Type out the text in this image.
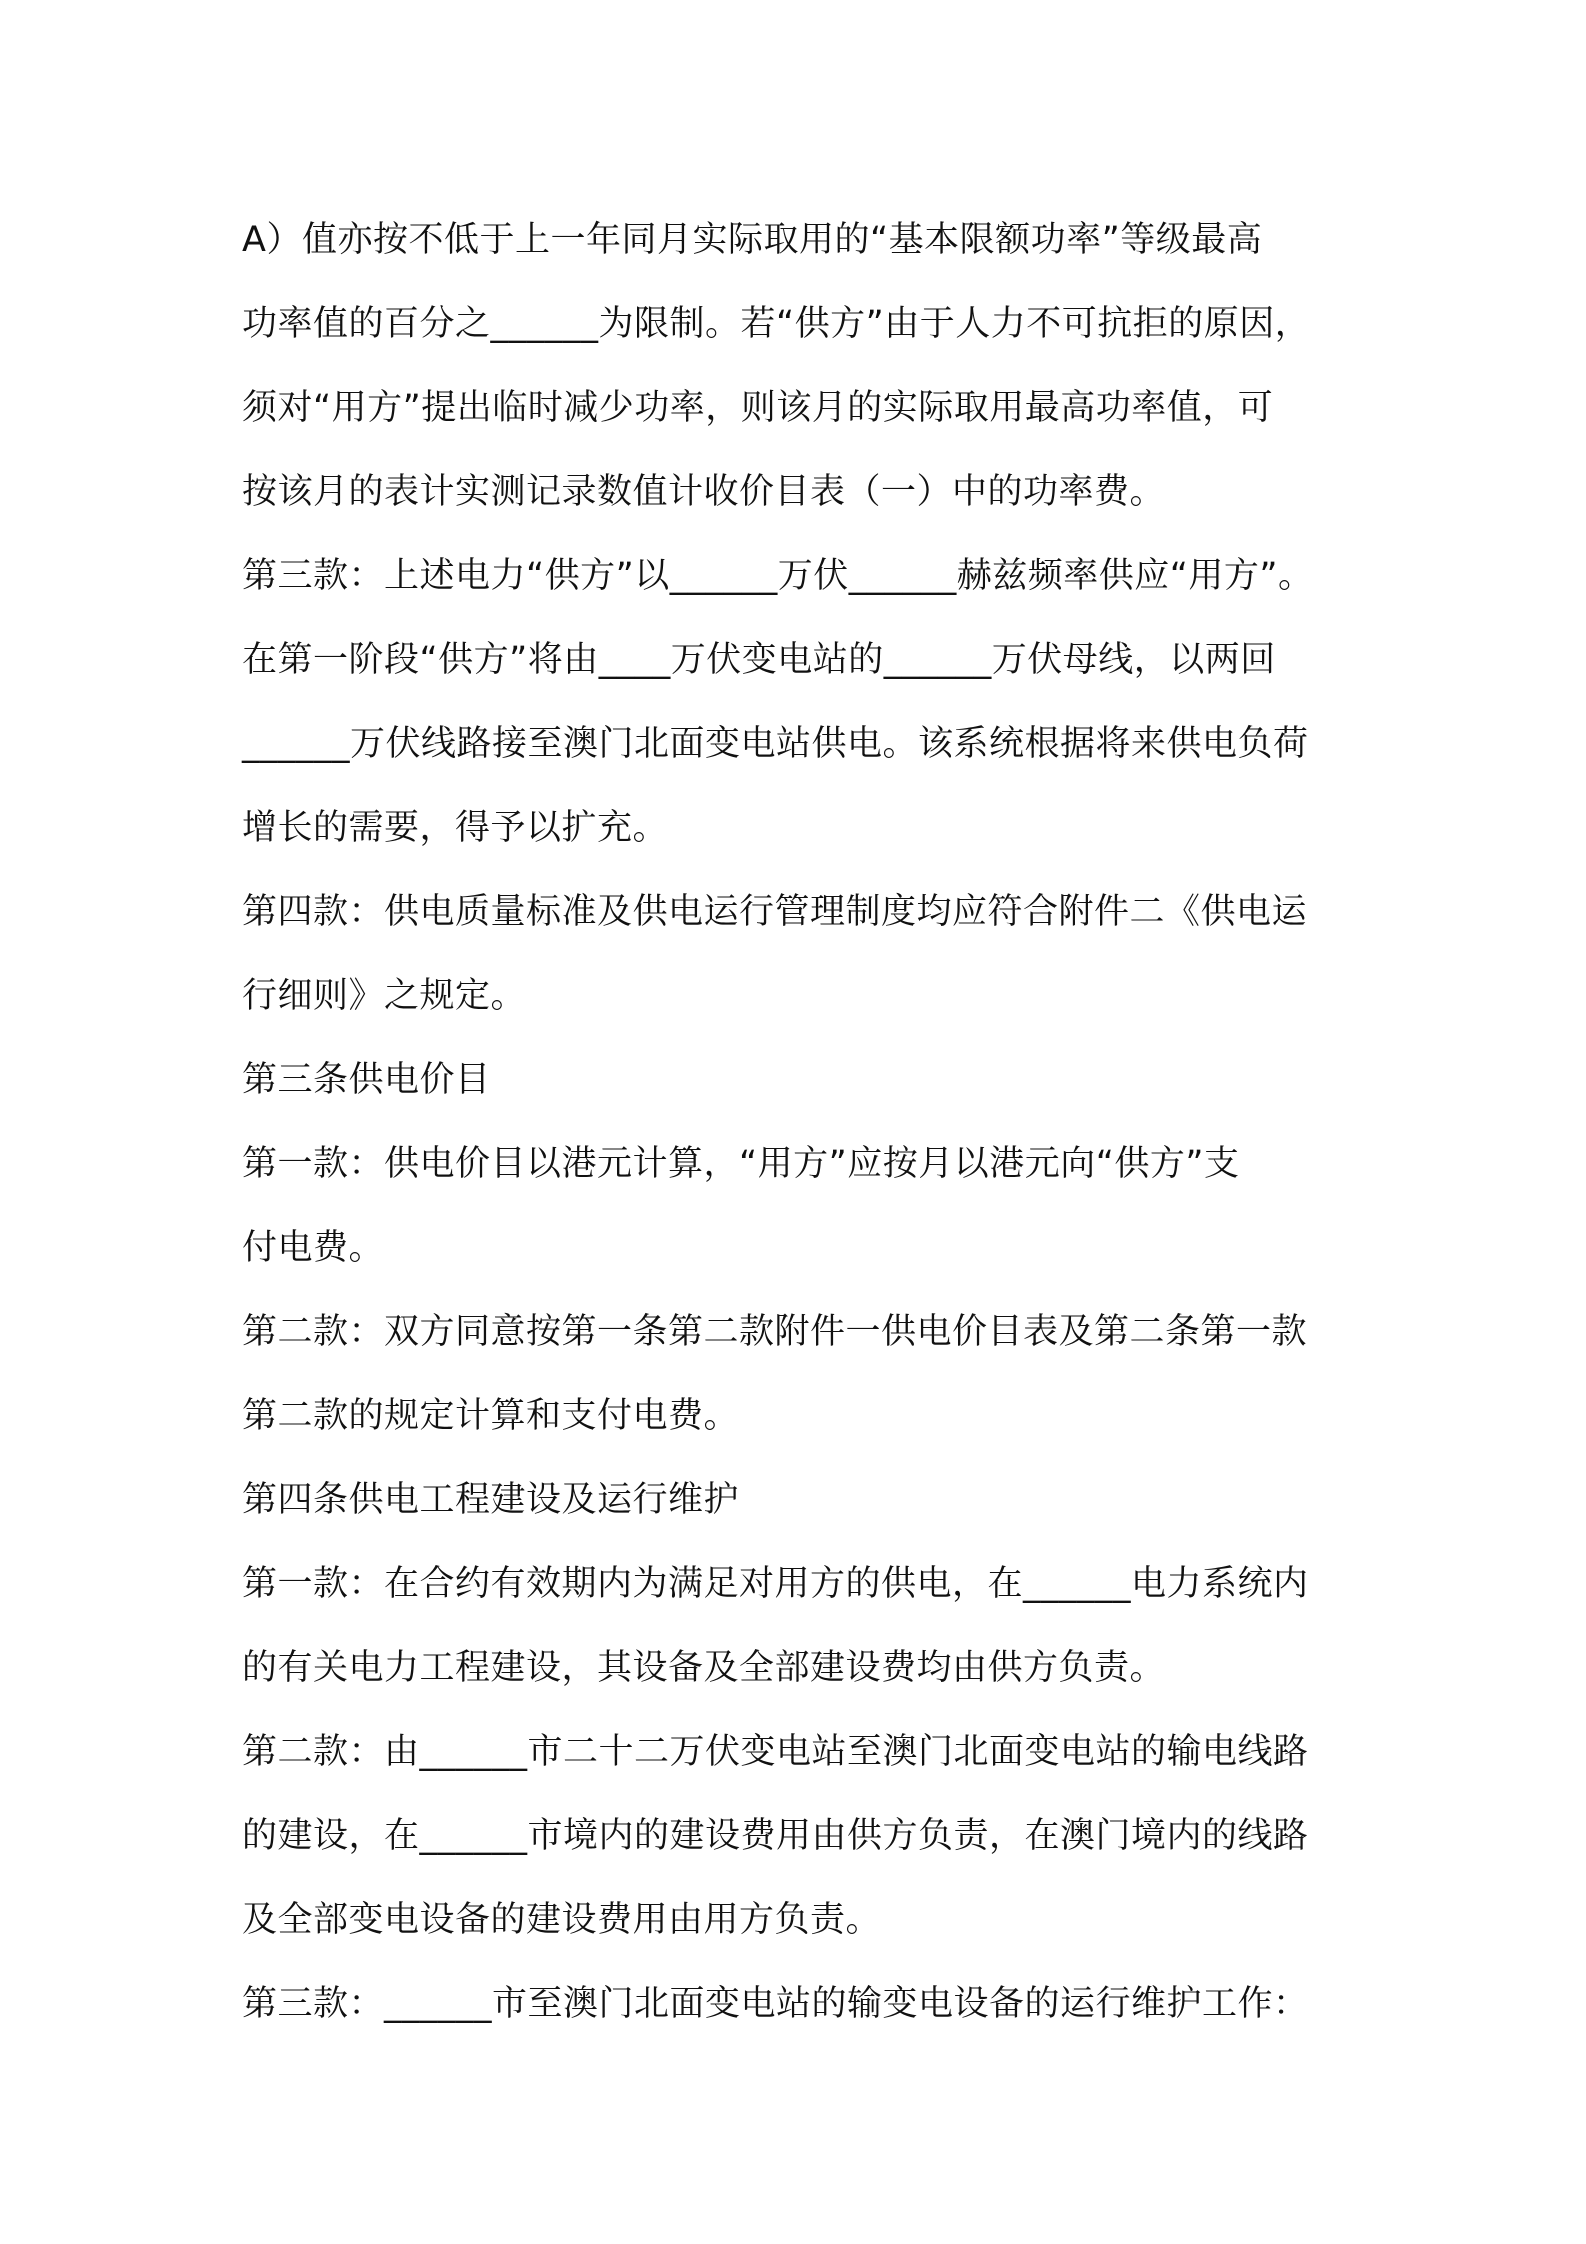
A）值亦按不低于上一年同月实际取用的“基本限额功率”等级最高
功率值的百分之______为限制。若“供方”由于人力不可抗拒的原因，
须对“用方”提出临时减少功率，则该月的实际取用最高功率值，可
按该月的表计实测记录数值计收价目表（一）中的功率费。
第三款：上述电力“供方”以______万伏______赫兹频率供应“用方”。
在第一阶段“供方”将由____万伏变电站的______万伏母线，以两回
______万伏线路接至澳门北面变电站供电。该系统根据将来供电负荷
增长的需要，得予以扩充。
第四款：供电质量标准及供电运行管理制度均应符合附件二《供电运
行细则》之规定。
第三条供电价目
第一款：供电价目以港元计算，“用方”应按月以港元向“供方”支
付电费。
第二款：双方同意按第一条第二款附件一供电价目表及第二条第一款
第二款的规定计算和支付电费。
第四条供电工程建设及运行维护
第一款：在合约有效期内为满足对用方的供电，在______电力系统内
的有关电力工程建设，其设备及全部建设费均由供方负责。
第二款：由______市二十二万伏变电站至澳门北面变电站的输电线路
的建设，在______市境内的建设费用由供方负责，在澳门境内的线路
及全部变电设备的建设费用由用方负责。
第三款：______市至澳门北面变电站的输变电设备的运行维护工作：
